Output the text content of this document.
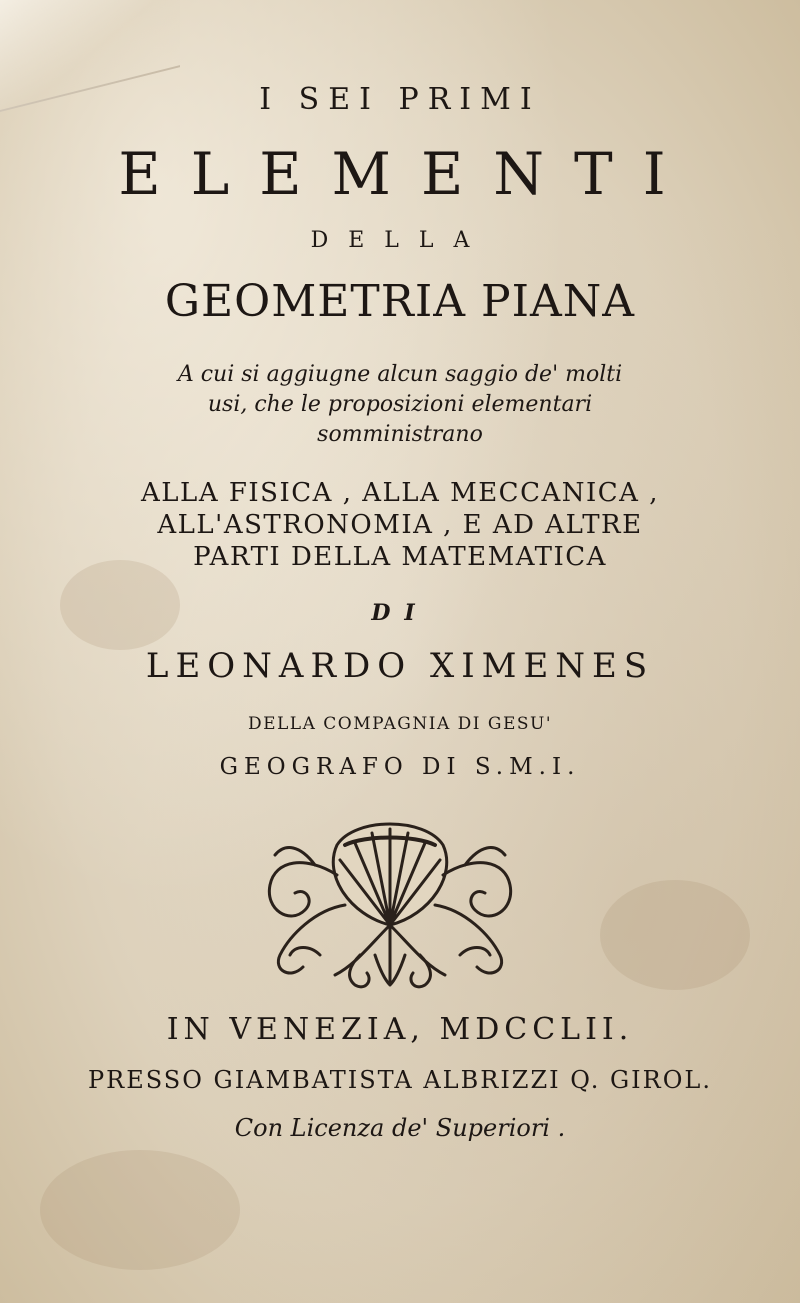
I SEI PRIMI
ELEMENTI
DELLA
GEOMETRIA PIANA
A cui si aggiugne alcun saggio de' molti
usi, che le proposizioni elementari
somministrano
ALLA FISICA , ALLA MECCANICA ,
ALL'ASTRONOMIA , E AD ALTRE
PARTI DELLA MATEMATICA
DI
LEONARDO XIMENES
DELLA COMPAGNIA DI GESU'
GEOGRAFO DI S.M.I.
IN VENEZIA, MDCCLII.
PRESSO GIAMBATISTA ALBRIZZI Q. GIROL.
Con Licenza de' Superiori .
